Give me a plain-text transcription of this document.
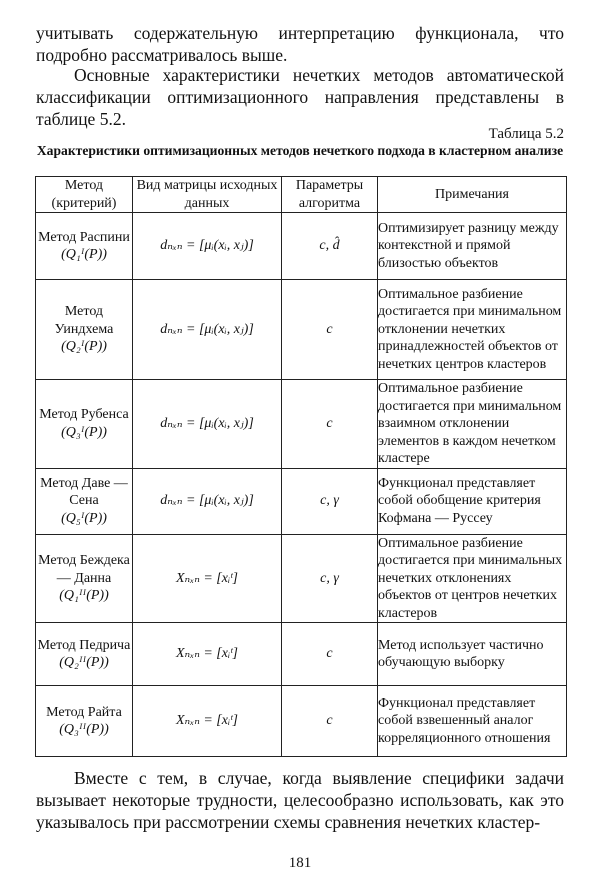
учитывать содержательную интерпретацию функционала, что подробно рассматривалось выше.

Основные характеристики нечетких методов автоматической классификации оптимизационного направления представлены в таблице 5.2.

Таблица 5.2
Характеристики оптимизационных методов нечеткого подхода в кластерном анализе
Метод (критерий)	Вид матрицы исходных данных	Параметры алгоритма	Примечания

Метод Распини
(Q₁ᴵ(P))	dₙₓₙ = [μᵢ(xᵢ, xⱼ)]	c, d̂	Оптимизирует разницу между контекстной и прямой близостью объектов

Метод Уиндхема
(Q₂ᴵ(P))	dₙₓₙ = [μᵢ(xᵢ, xⱼ)]	c	Оптимальное разбиение достигается при минимальном отклонении нечетких принадлежностей объектов от нечетких центров кластеров

Метод Рубенса
(Q₃ᴵ(P))	dₙₓₙ = [μᵢ(xᵢ, xⱼ)]	c	Оптимальное разбиение достигается при минимальном взаимном отклонении элементов в каждом нечетком кластере

Метод Даве — Сена
(Q₅ᴵ(P))	dₙₓₙ = [μᵢ(xᵢ, xⱼ)]	c, γ	Функционал представляет собой обобщение критерия Кофмана — Руссеу

Метод Беждека — Данна
(Q₁ᴵᴵ(P))	Xₙₓₙ = [xᵢᵗ]	c, γ	Оптимальное разбиение достигается при минимальных нечетких отклонениях объектов от центров нечетких кластеров

Метод Педрича
(Q₂ᴵᴵ(P))	Xₙₓₙ = [xᵢᵗ]	c	Метод использует частично обучающую выборку

Метод Райта
(Q₃ᴵᴵ(P))	Xₙₓₙ = [xᵢᵗ]	c	Функционал представляет собой взвешенный аналог корреляционного отношения

Вместе с тем, в случае, когда выявление специфики задачи вызывает некоторые трудности, целесообразно использовать, как это указывалось при рассмотрении схемы сравнения нечетких кластер-

181
